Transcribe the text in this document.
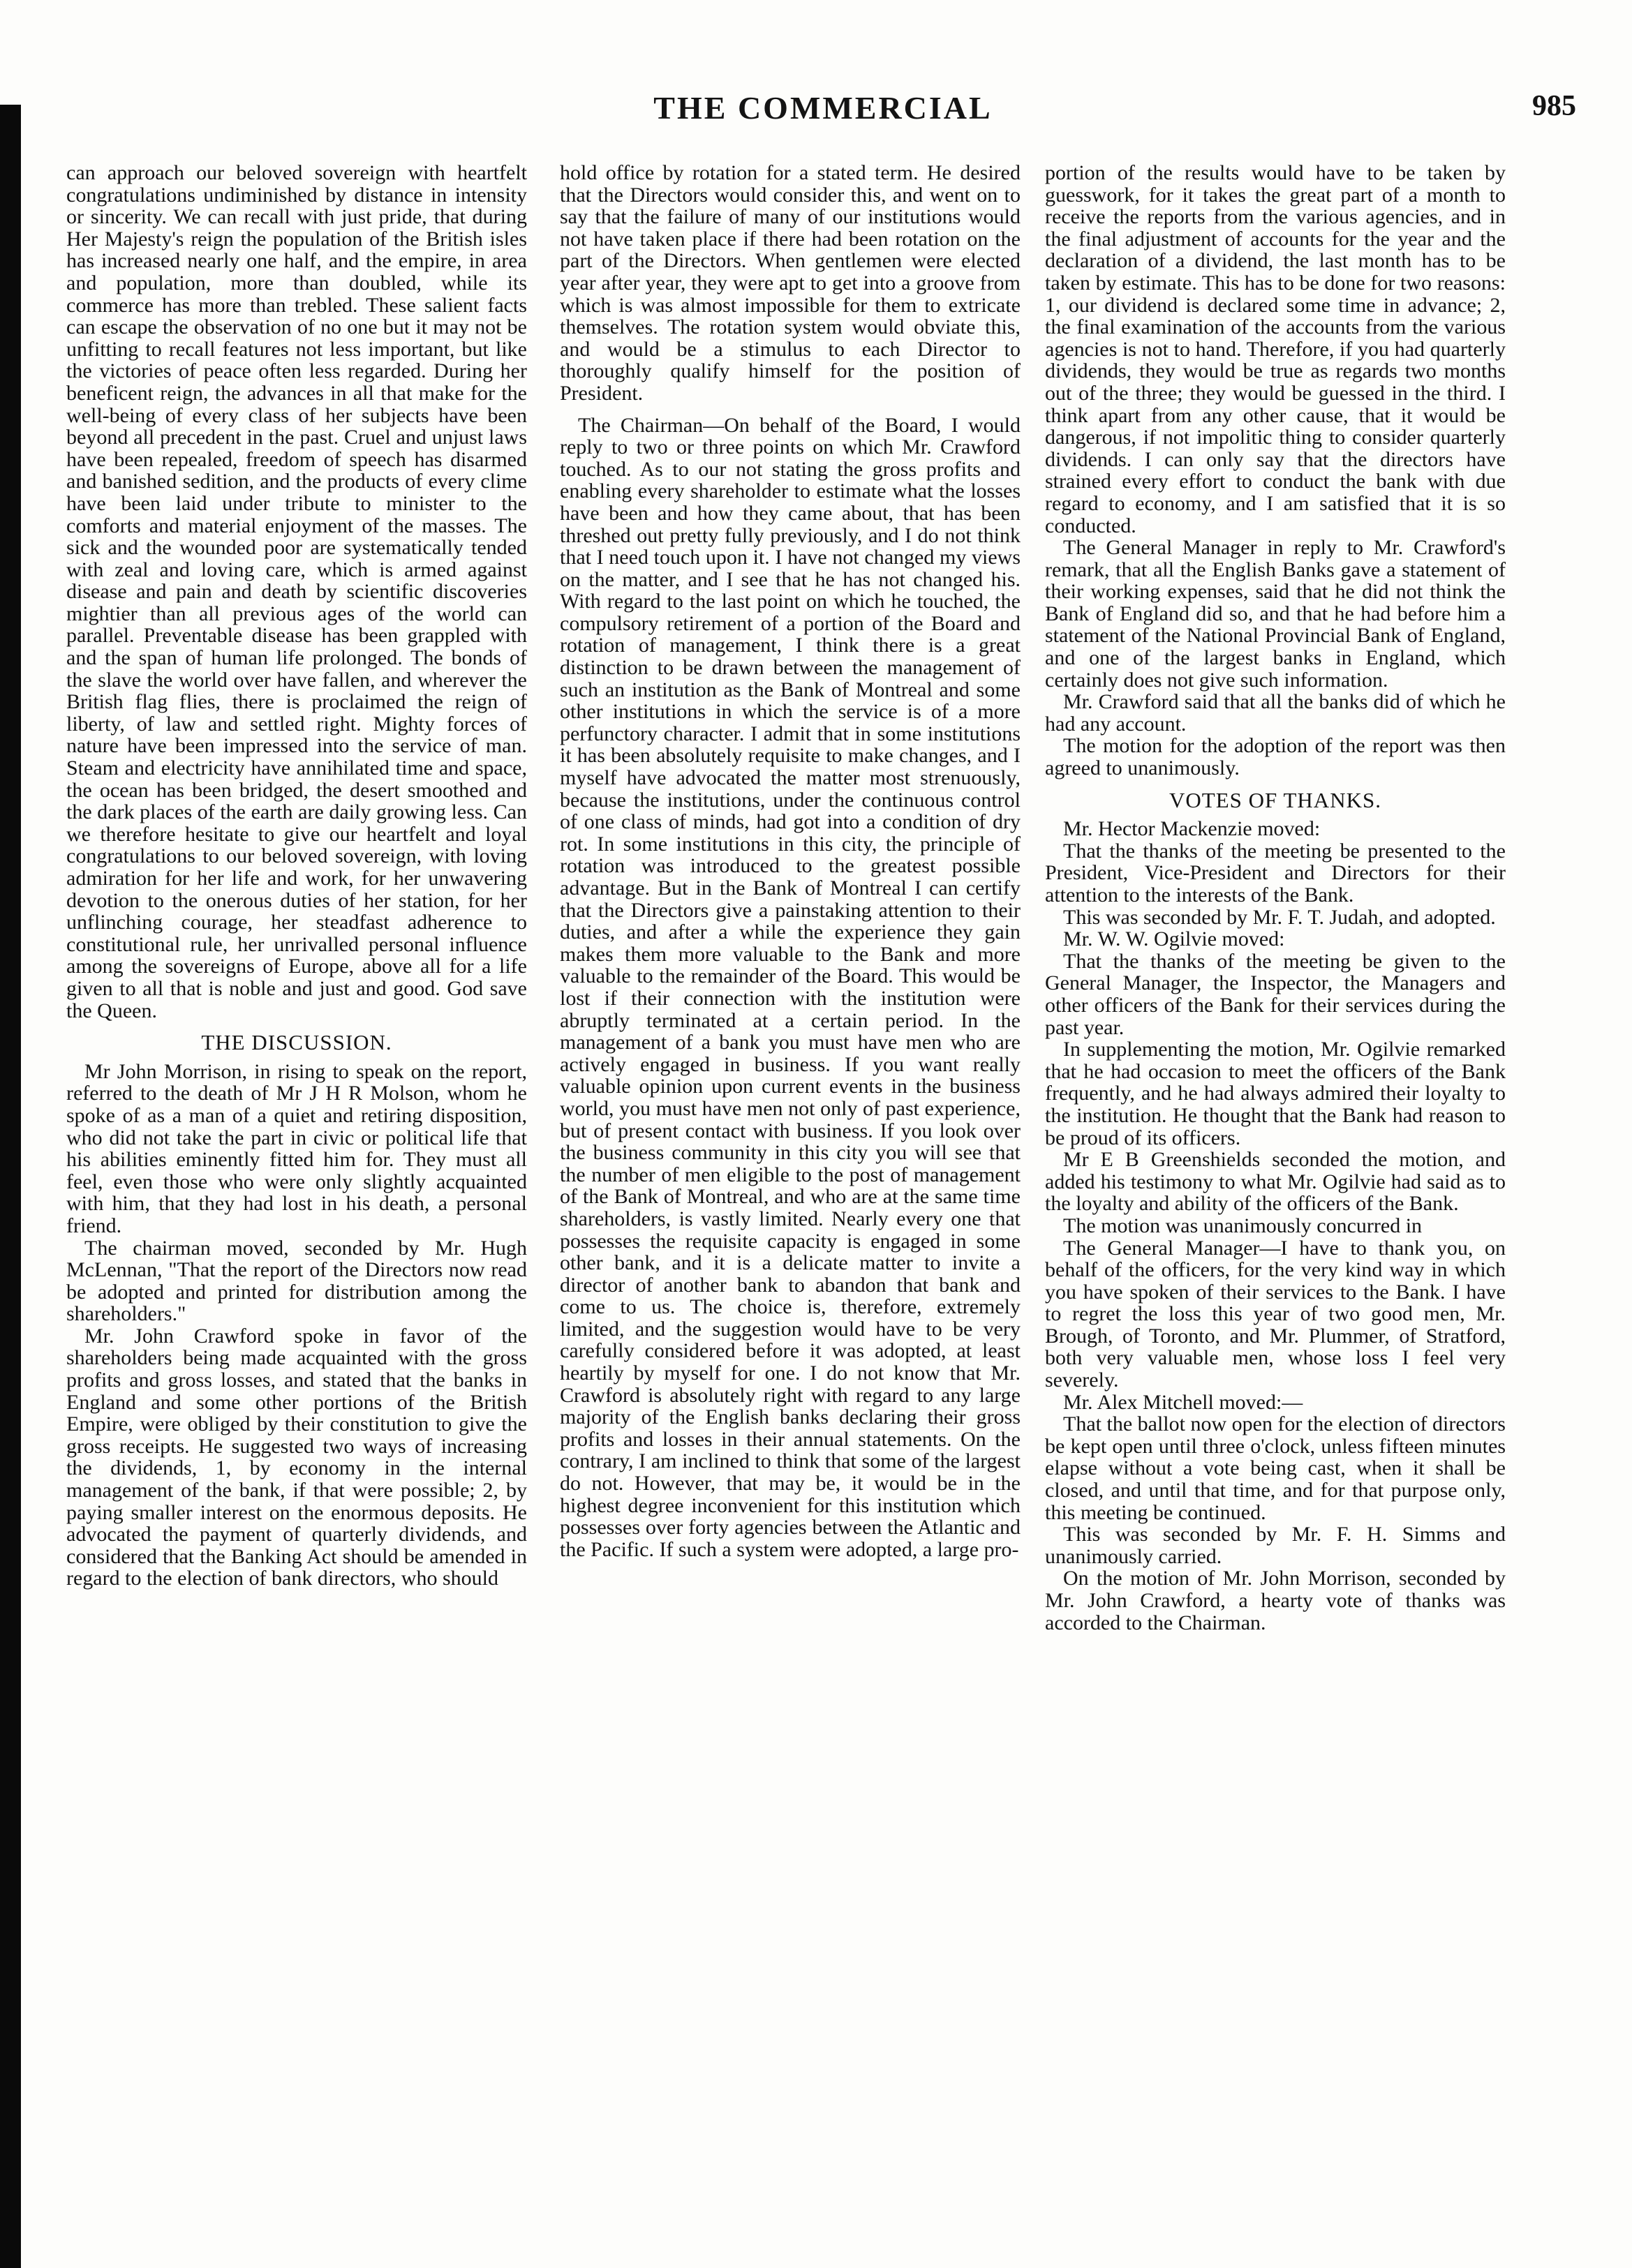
THE COMMERCIAL	985

can approach our beloved sovereign with heartfelt congratulations undiminished by distance in intensity or sincerity. We can recall with just pride, that during Her Majesty's reign the population of the British isles has increased nearly one half, and the empire, in area and population, more than doubled, while its commerce has more than trebled. These salient facts can escape the observation of no one but it may not be unfitting to recall features not less important, but like the victories of peace often less regarded. During her beneficent reign, the advances in all that make for the well-being of every class of her subjects have been beyond all precedent in the past. Cruel and unjust laws have been repealed, freedom of speech has disarmed and banished sedition, and the products of every clime have been laid under tribute to minister to the comforts and material enjoyment of the masses. The sick and the wounded poor are systematically tended with zeal and loving care, which is armed against disease and pain and death by scientific discoveries mightier than all previous ages of the world can parallel. Preventable disease has been grappled with and the span of human life prolonged. The bonds of the slave the world over have fallen, and wherever the British flag flies, there is proclaimed the reign of liberty, of law and settled right. Mighty forces of nature have been impressed into the service of man. Steam and electricity have annihilated time and space, the ocean has been bridged, the desert smoothed and the dark places of the earth are daily growing less. Can we therefore hesitate to give our heartfelt and loyal congratulations to our beloved sovereign, with loving admiration for her life and work, for her unwavering devotion to the onerous duties of her station, for her unflinching courage, her steadfast adherence to constitutional rule, her unrivalled personal influence among the sovereigns of Europe, above all for a life given to all that is noble and just and good. God save the Queen.

THE DISCUSSION.

Mr John Morrison, in rising to speak on the report, referred to the death of Mr J H R Molson, whom he spoke of as a man of a quiet and retiring disposition, who did not take the part in civic or political life that his abilities eminently fitted him for. They must all feel, even those who were only slightly acquainted with him, that they had lost in his death, a personal friend.

The chairman moved, seconded by Mr. Hugh McLennan, "That the report of the Directors now read be adopted and printed for distribution among the shareholders."

Mr. John Crawford spoke in favor of the shareholders being made acquainted with the gross profits and gross losses, and stated that the banks in England and some other portions of the British Empire, were obliged by their constitution to give the gross receipts. He suggested two ways of increasing the dividends, 1, by economy in the internal management of the bank, if that were possible; 2, by paying smaller interest on the enormous deposits. He advocated the payment of quarterly dividends, and considered that the Banking Act should be amended in regard to the election of bank directors, who should

hold office by rotation for a stated term. He desired that the Directors would consider this, and went on to say that the failure of many of our institutions would not have taken place if there had been rotation on the part of the Directors. When gentlemen were elected year after year, they were apt to get into a groove from which is was almost impossible for them to extricate themselves. The rotation system would obviate this, and would be a stimulus to each Director to thoroughly qualify himself for the position of President.

The Chairman—On behalf of the Board, I would reply to two or three points on which Mr. Crawford touched. As to our not stating the gross profits and enabling every shareholder to estimate what the losses have been and how they came about, that has been threshed out pretty fully previously, and I do not think that I need touch upon it. I have not changed my views on the matter, and I see that he has not changed his. With regard to the last point on which he touched, the compulsory retirement of a portion of the Board and rotation of management, I think there is a great distinction to be drawn between the management of such an institution as the Bank of Montreal and some other institutions in which the service is of a more perfunctory character. I admit that in some institutions it has been absolutely requisite to make changes, and I myself have advocated the matter most strenuously, because the institutions, under the continuous control of one class of minds, had got into a condition of dry rot. In some institutions in this city, the principle of rotation was introduced to the greatest possible advantage. But in the Bank of Montreal I can certify that the Directors give a painstaking attention to their duties, and after a while the experience they gain makes them more valuable to the Bank and more valuable to the remainder of the Board. This would be lost if their connection with the institution were abruptly terminated at a certain period. In the management of a bank you must have men who are actively engaged in business. If you want really valuable opinion upon current events in the business world, you must have men not only of past experience, but of present contact with business. If you look over the business community in this city you will see that the number of men eligible to the post of management of the Bank of Montreal, and who are at the same time shareholders, is vastly limited. Nearly every one that possesses the requisite capacity is engaged in some other bank, and it is a delicate matter to invite a director of another bank to abandon that bank and come to us. The choice is, therefore, extremely limited, and the suggestion would have to be very carefully considered before it was adopted, at least heartily by myself for one. I do not know that Mr. Crawford is absolutely right with regard to any large majority of the English banks declaring their gross profits and losses in their annual statements. On the contrary, I am inclined to think that some of the largest do not. However, that may be, it would be in the highest degree inconvenient for this institution which possesses over forty agencies between the Atlantic and the Pacific. If such a system were adopted, a large pro-

portion of the results would have to be taken by guesswork, for it takes the great part of a month to receive the reports from the various agencies, and in the final adjustment of accounts for the year and the declaration of a dividend, the last month has to be taken by estimate. This has to be done for two reasons: 1, our dividend is declared some time in advance; 2, the final examination of the accounts from the various agencies is not to hand. Therefore, if you had quarterly dividends, they would be true as regards two months out of the three; they would be guessed in the third. I think apart from any other cause, that it would be dangerous, if not impolitic thing to consider quarterly dividends. I can only say that the directors have strained every effort to conduct the bank with due regard to economy, and I am satisfied that it is so conducted.

The General Manager in reply to Mr. Crawford's remark, that all the English Banks gave a statement of their working expenses, said that he did not think the Bank of England did so, and that he had before him a statement of the National Provincial Bank of England, and one of the largest banks in England, which certainly does not give such information.

Mr. Crawford said that all the banks did of which he had any account.

The motion for the adoption of the report was then agreed to unanimously.

VOTES OF THANKS.

Mr. Hector Mackenzie moved:

That the thanks of the meeting be presented to the President, Vice-President and Directors for their attention to the interests of the Bank.

This was seconded by Mr. F. T. Judah, and adopted.

Mr. W. W. Ogilvie moved:

That the thanks of the meeting be given to the General Manager, the Inspector, the Managers and other officers of the Bank for their services during the past year.

In supplementing the motion, Mr. Ogilvie remarked that he had occasion to meet the officers of the Bank frequently, and he had always admired their loyalty to the institution. He thought that the Bank had reason to be proud of its officers.

Mr E B Greenshields seconded the motion, and added his testimony to what Mr. Ogilvie had said as to the loyalty and ability of the officers of the Bank.

The motion was unanimously concurred in

The General Manager—I have to thank you, on behalf of the officers, for the very kind way in which you have spoken of their services to the Bank. I have to regret the loss this year of two good men, Mr. Brough, of Toronto, and Mr. Plummer, of Stratford, both very valuable men, whose loss I feel very severely.

Mr. Alex Mitchell moved:—

That the ballot now open for the election of directors be kept open until three o'clock, unless fifteen minutes elapse without a vote being cast, when it shall be closed, and until that time, and for that purpose only, this meeting be continued.

This was seconded by Mr. F. H. Simms and unanimously carried.

On the motion of Mr. John Morrison, seconded by Mr. John Crawford, a hearty vote of thanks was accorded to the Chairman.
